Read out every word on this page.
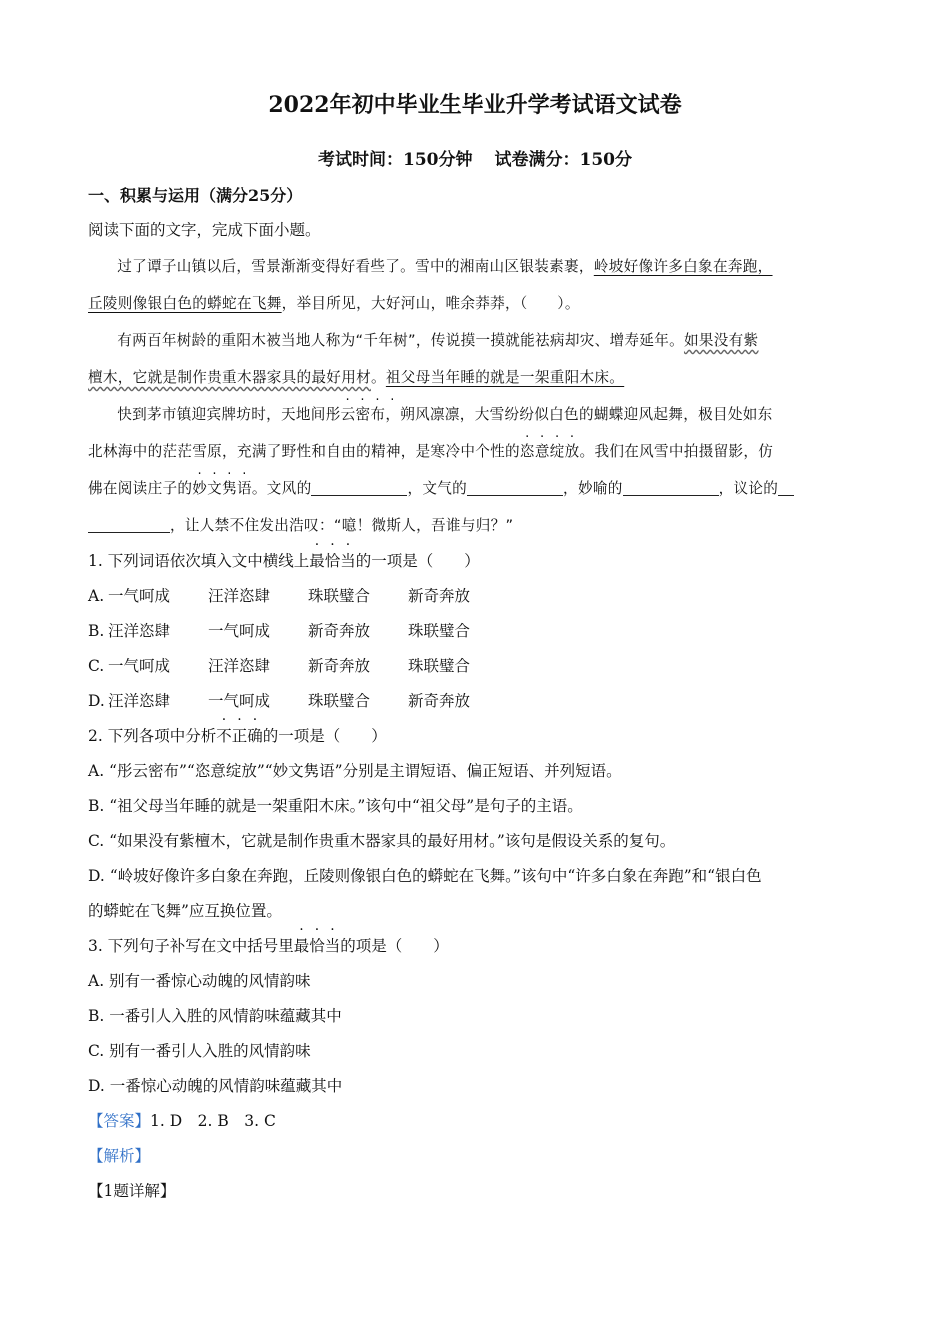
2022年初中毕业生毕业升学考试语文试卷
考试时间：150分钟 试卷满分：150分
一、积累与运用（满分25分）
阅读下面的文字，完成下面小题。
过了谭子山镇以后，雪景渐渐变得好看些了。雪中的湘南山区银装素裹，岭坡好像许多白象在奔跑，
丘陵则像银白色的蟒蛇在飞舞，举目所见，大好河山，唯余莽莽，（　　）。
有两百年树龄的重阳木被当地人称为“千年树”，传说摸一摸就能祛病却灾、增寿延年。如果没有紫
檀木，它就是制作贵重木器家具的最好用材。祖父母当年睡的就是一架重阳木床。
快到茅市镇迎宾牌坊时，天地间彤云密布，朔风凛凛，大雪纷纷似白色的蝴蝶迎风起舞，极目处如东
北林海中的茫茫雪原，充满了野性和自由的精神，是寒冷中个性的恣意绽放。我们在风雪中拍摄留影，仿
佛在阅读庄子的妙文隽语。文风的	，文气的	，妙喻的	，议论的
，让人禁不住发出浩叹：“噫！微斯人，吾谁与归？”
1. 下列词语依次填入文中横线上最恰当的一项是（　　）
A. 一气呵成 汪洋恣肆 珠联璧合 新奇奔放
B. 汪洋恣肆 一气呵成 新奇奔放 珠联璧合
C. 一气呵成 汪洋恣肆 新奇奔放 珠联璧合
D. 汪洋恣肆 一气呵成 珠联璧合 新奇奔放
2. 下列各项中分析不正确的一项是（　　）
A. “彤云密布”“恣意绽放”“妙文隽语”分别是主谓短语、偏正短语、并列短语。
B. “祖父母当年睡的就是一架重阳木床。”该句中“祖父母”是句子的主语。
C. “如果没有紫檀木，它就是制作贵重木器家具的最好用材。”该句是假设关系的复句。
D. “岭坡好像许多白象在奔跑，丘陵则像银白色的蟒蛇在飞舞。”该句中“许多白象在奔跑”和“银白色
的蟒蛇在飞舞”应互换位置。
3. 下列句子补写在文中括号里最恰当的项是（　　）
A. 别有一番惊心动魄的风情韵味
B. 一番引人入胜的风情韵味蕴藏其中
C. 别有一番引人入胜的风情韵味
D. 一番惊心动魄的风情韵味蕴藏其中
【答案】1. D　2. B　3. C
【解析】
【1题详解】
